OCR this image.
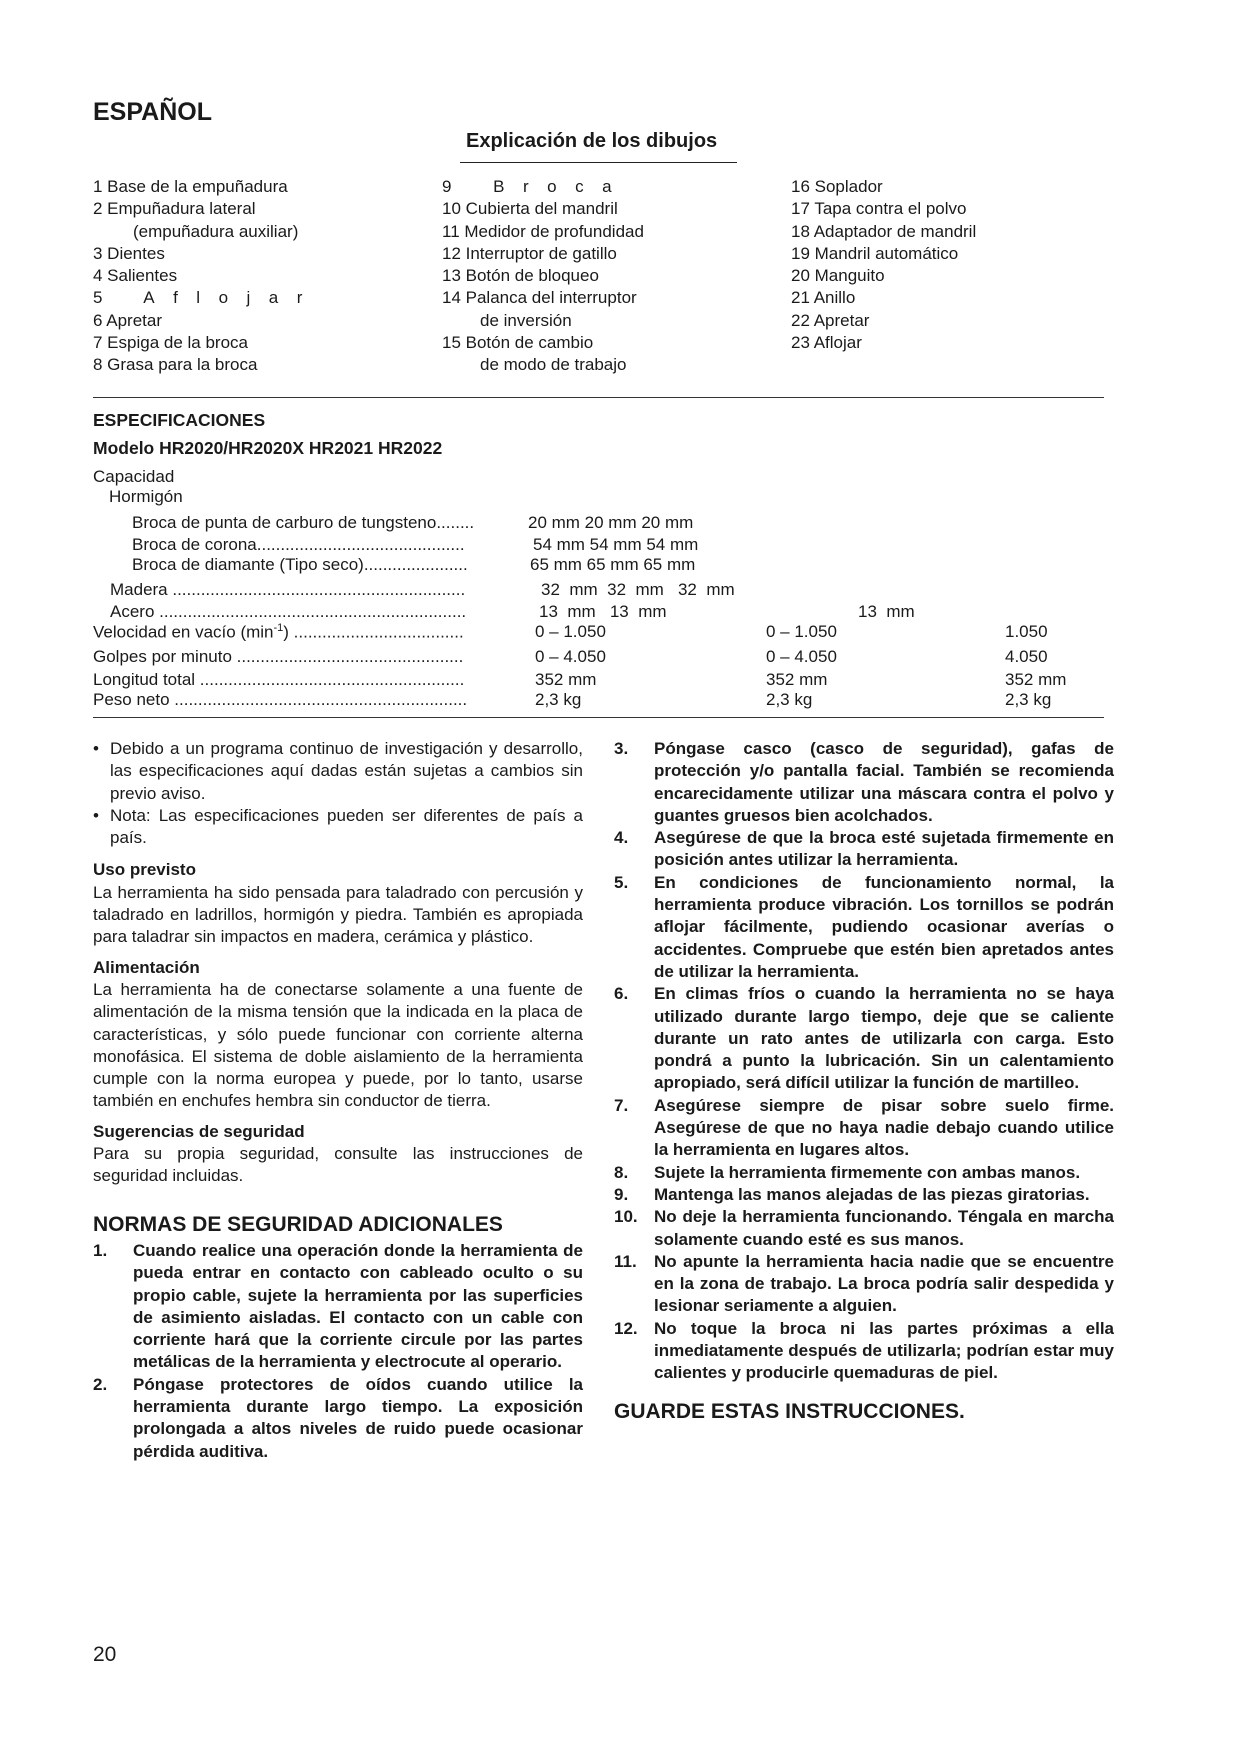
ESPAÑOL
Explicación de los dibujos
1 Base de la empuñadura
2 Empuñadura lateral
(empuñadura auxiliar)
3 Dientes
4 Salientes
5 Aflojar
6 Apretar
7 Espiga de la broca
8 Grasa para la broca
9 Broca
10 Cubierta del mandril
11 Medidor de profundidad
12 Interruptor de gatillo
13 Botón de bloqueo
14 Palanca del interruptor
de inversión
15 Botón de cambio
de modo de trabajo
16 Soplador
17 Tapa contra el polvo
18 Adaptador de mandril
19 Mandril automático
20 Manguito
21 Anillo
22 Apretar
23 Aflojar
ESPECIFICACIONES
Modelo HR2020/HR2020X HR2021 HR2022
Capacidad
Hormigón
Broca de punta de carburo de tungsteno........	20 mm 20 mm 20 mm
Broca de corona............................................	54 mm 54 mm 54 mm
Broca de diamante (Tipo seco)......................	65 mm 65 mm 65 mm
Madera ..............................................................	32  mm  32  mm   32  mm
Acero .................................................................	13  mm   13  mm	13  mm
Velocidad en vacío $(\min^{-1})$ ....................................	0 – 1.050	0 – 1.050	1.050
Golpes por minuto ................................................	0 – 4.050	0 – 4.050	4.050
Longitud total ........................................................	352 mm	352 mm	352 mm
Peso neto ..............................................................	2,3 kg	2,3 kg	2,3 kg

• Debido a un programa continuo de investigación y desarrollo, las especificaciones aquí dadas están sujetas a cambios sin previo aviso.

• Nota: Las especificaciones pueden ser diferentes de país a país.

Uso previsto

La herramienta ha sido pensada para taladrado con percusión y taladrado en ladrillos, hormigón y piedra. También es apropiada para taladrar sin impactos en madera, cerámica y plástico.

Alimentación

La herramienta ha de conectarse solamente a una fuente de alimentación de la misma tensión que la indicada en la placa de características, y sólo puede funcionar con corriente alterna monofásica. El sistema de doble aislamiento de la herramienta cumple con la norma europea y puede, por lo tanto, usarse también en enchufes hembra sin conductor de tierra.

Sugerencias de seguridad

Para su propia seguridad, consulte las instrucciones de seguridad incluidas.

NORMAS DE SEGURIDAD ADICIONALES

1. Cuando realice una operación donde la herramienta de pueda entrar en contacto con cableado oculto o su propio cable, sujete la herramienta por las superficies de asimiento aisladas. El contacto con un cable con corriente hará que la corriente circule por las partes metálicas de la herramienta y electrocute al operario.

2. Póngase protectores de oídos cuando utilice la herramienta durante largo tiempo. La exposición prolongada a altos niveles de ruido puede ocasionar pérdida auditiva.

3. Póngase casco (casco de seguridad), gafas de protección y/o pantalla facial. También se recomienda encarecidamente utilizar una máscara contra el polvo y guantes gruesos bien acolchados.

4. Asegúrese de que la broca esté sujetada firmemente en posición antes utilizar la herramienta.

5. En condiciones de funcionamiento normal, la herramienta produce vibración. Los tornillos se podrán aflojar fácilmente, pudiendo ocasionar averías o accidentes. Compruebe que estén bien apretados antes de utilizar la herramienta.

6. En climas fríos o cuando la herramienta no se haya utilizado durante largo tiempo, deje que se caliente durante un rato antes de utilizarla con carga. Esto pondrá a punto la lubricación. Sin un calentamiento apropiado, será difícil utilizar la función de martilleo.

7. Asegúrese siempre de pisar sobre suelo firme. Asegúrese de que no haya nadie debajo cuando utilice la herramienta en lugares altos.

8. Sujete la herramienta firmemente con ambas manos.

9. Mantenga las manos alejadas de las piezas giratorias.

10. No deje la herramienta funcionando. Téngala en marcha solamente cuando esté es sus manos.

11. No apunte la herramienta hacia nadie que se encuentre en la zona de trabajo. La broca podría salir despedida y lesionar seriamente a alguien.

12. No toque la broca ni las partes próximas a ella inmediatamente después de utilizarla; podrían estar muy calientes y producirle quemaduras de piel.

GUARDE ESTAS INSTRUCCIONES.

20
